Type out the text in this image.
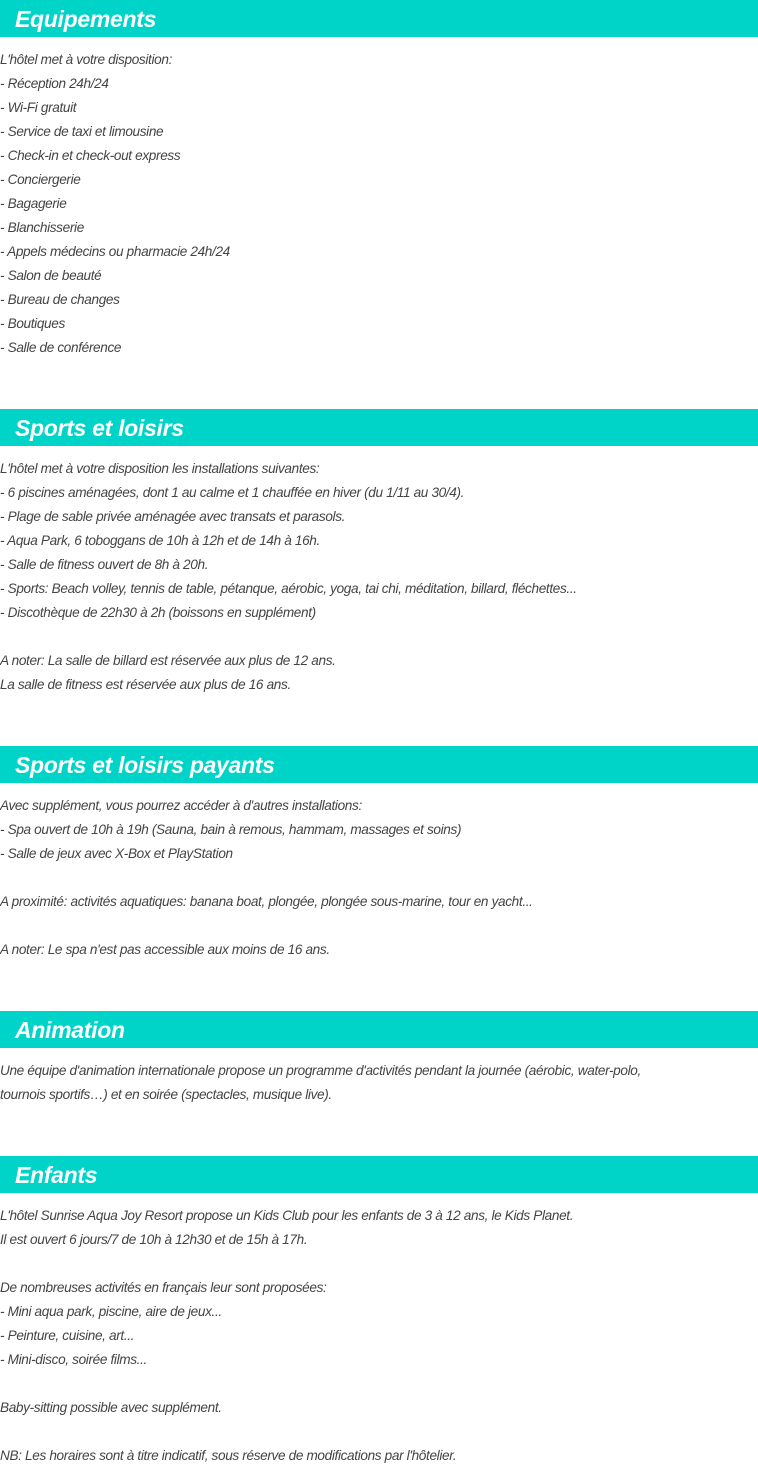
Equipements
L'hôtel met à votre disposition:
- Réception 24h/24
- Wi-Fi gratuit
- Service de taxi et limousine
- Check-in et check-out express
- Conciergerie
- Bagagerie
- Blanchisserie
- Appels médecins ou pharmacie 24h/24
- Salon de beauté
- Bureau de changes
- Boutiques
- Salle de conférence
Sports et loisirs
L'hôtel met à votre disposition les installations suivantes:
- 6 piscines aménagées, dont 1 au calme et 1 chauffée en hiver (du 1/11 au 30/4).
- Plage de sable privée aménagée avec transats et parasols.
- Aqua Park, 6 toboggans de 10h à 12h et de 14h à 16h.
- Salle de fitness ouvert de 8h à 20h.
- Sports: Beach volley, tennis de table, pétanque, aérobic, yoga, tai chi, méditation, billard, fléchettes...
- Discothèque de 22h30 à 2h (boissons en supplément)
A noter: La salle de billard est réservée aux plus de 12 ans.
La salle de fitness est réservée aux plus de 16 ans.
Sports et loisirs payants
Avec supplément, vous pourrez accéder à d'autres installations:
- Spa ouvert de 10h à 19h (Sauna, bain à remous, hammam, massages et soins)
- Salle de jeux avec X-Box et PlayStation
A proximité: activités aquatiques: banana boat, plongée, plongée sous-marine, tour en yacht...
A noter: Le spa n'est pas accessible aux moins de 16 ans.
Animation
Une équipe d'animation internationale propose un programme d'activités pendant la journée (aérobic, water-polo,
tournois sportifs…) et en soirée (spectacles, musique live).
Enfants
L'hôtel Sunrise Aqua Joy Resort propose un Kids Club pour les enfants de 3 à 12 ans, le Kids Planet.
Il est ouvert 6 jours/7 de 10h à 12h30 et de 15h à 17h.
De nombreuses activités en français leur sont proposées:
- Mini aqua park, piscine, aire de jeux...
- Peinture, cuisine, art...
- Mini-disco, soirée films...
Baby-sitting possible avec supplément.
NB: Les horaires sont à titre indicatif, sous réserve de modifications par l'hôtelier.
